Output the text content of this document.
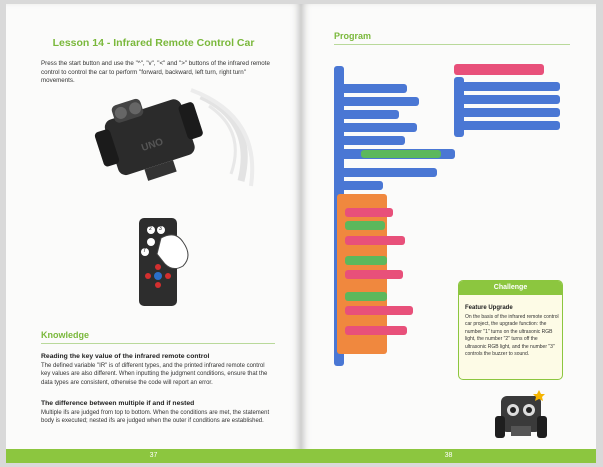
Lesson 14 - Infrared Remote Control Car
Press the start button and use the "^", "v", "<" and ">" buttons of the infrared remote control to control the car to perform "forward, backward, left turn, right turn" movements.
UNO
2 3
7
Knowledge
Reading the key value of the infrared remote control
The defined variable "IR" is of different types, and the printed infrared remote control key values are also different. When inputting the judgment conditions, ensure that the data types are consistent, otherwise the code will report an error.
The difference between multiple if and if nested
Multiple ifs are judged from top to bottom. When the conditions are met, the statement body is executed; nested ifs are judged when the outer if conditions are established.
37
Program
Challenge
Feature Upgrade
On the basis of the infrared remote control car project, the upgrade function: the number "1" turns on the ultrasonic RGB light, the number "2" turns off the ultrasonic RGB light, and the number "3" controls the buzzer to sound.
38
